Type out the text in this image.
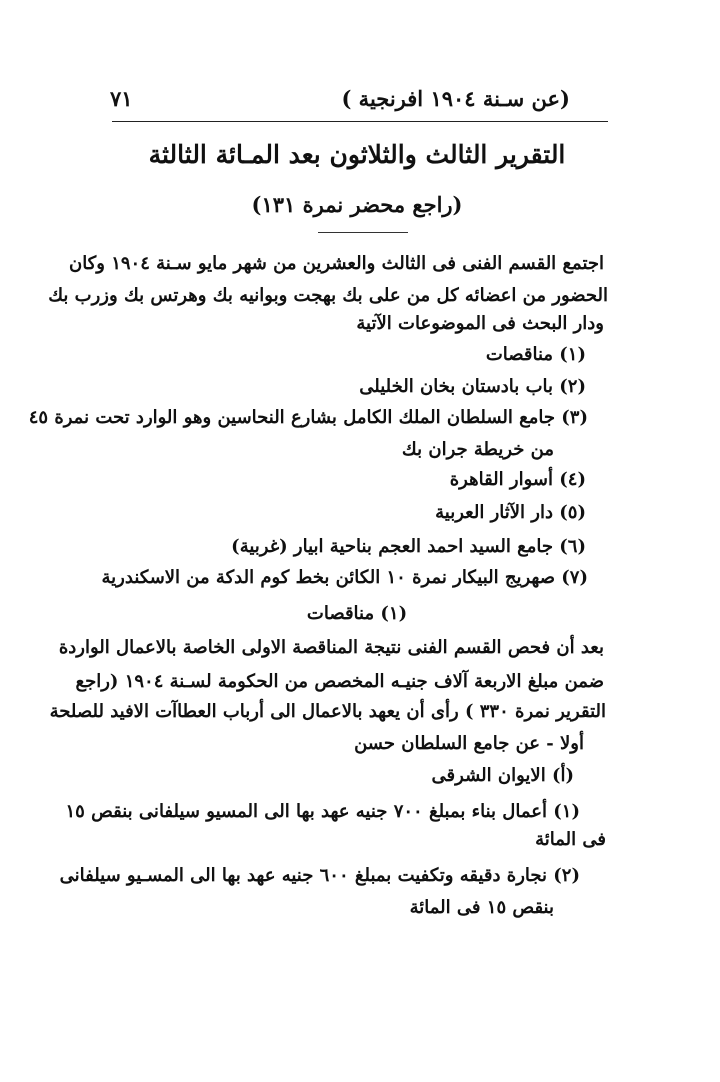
٧١	(عن سـنة ١٩٠٤ افرنجية )
التقرير الثالث والثلاثون بعد المـائة الثالثة
(راجع محضر نمرة ١٣١)
اجتمع القسم الفنى فى الثالث والعشرين من شهر مايو سـنة ١٩٠٤ وكان
الحضور من اعضائه كل من على بك بهجت وبوانيه بك وهرتس بك وزرب بك
ودار البحث فى الموضوعات الآتية
(١) مناقصات
(٢) باب بادستان بخان الخليلى
(٣) جامع السلطان الملك الكامل بشارع النحاسين وهو الوارد تحت نمرة ٤٥
من خريطة جران بك
(٤) أسوار القاهرة
(٥) دار الآثار العربية
(٦) جامع السيد احمد العجم بناحية ابيار (غربية)
(٧) صهريج البيكار نمرة ١٠ الكائن بخط كوم الدكة من الاسكندرية
(١) مناقصات
بعد أن فحص القسم الفنى نتيجة المناقصة الاولى الخاصة بالاعمال الواردة
ضمن مبلغ الاربعة آلاف جنيـه المخصص من الحكومة لسـنة ١٩٠٤ (راجع
التقرير نمرة ٣٣٠ ) رأى أن يعهد بالاعمال الى أرباب العطاآت الافيد للصلحة
أولا - عن جامع السلطان حسن
(أ) الايوان الشرقى
(١) أعمال بناء بمبلغ ٧٠٠ جنيه عهد بها الى المسيو سيلفانى بنقص ١٥
فى المائة
(٢) نجارة دقيقه وتكفيت بمبلغ ٦٠٠ جنيه عهد بها الى المسـيو سيلفانى
بنقص ١٥ فى المائة
